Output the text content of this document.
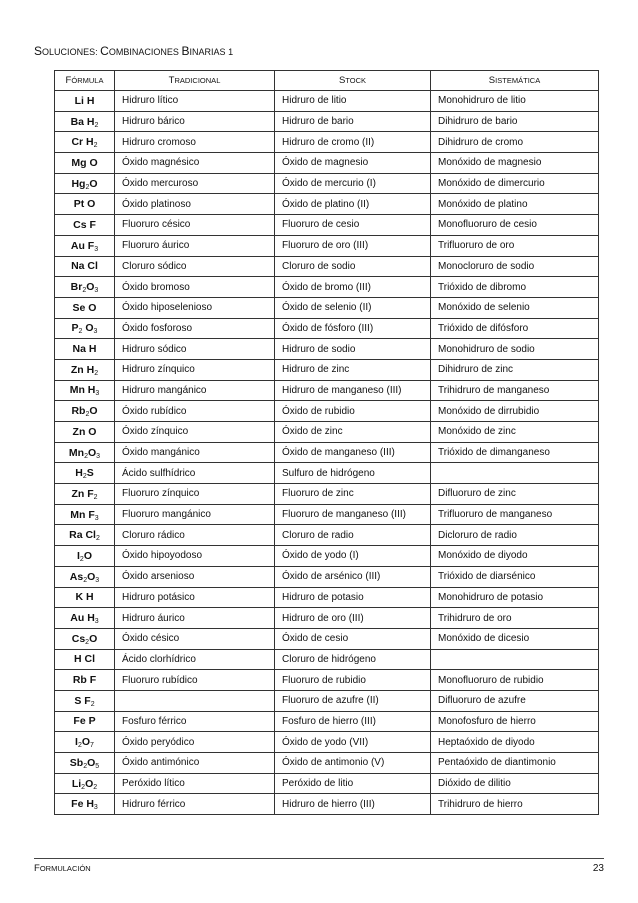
SOLUCIONES: COMBINACIONES BINARIAS 1
FÓRMULA	TRADICIONAL	STOCK	SISTEMÁTICA
Li H	Hidruro lítico	Hidruro de litio	Monohidruro de litio
Ba $H_2$	Hidruro bárico	Hidruro de bario	Dihidruro de bario
Cr $H_2$	Hidruro cromoso	Hidruro de cromo (II)	Dihidruro de cromo
Mg O	Óxido magnésico	Óxido de magnesio	Monóxido de magnesio
$Hg_2O$	Óxido mercuroso	Óxido de mercurio (I)	Monóxido de dimercurio
Pt O	Óxido platinoso	Óxido de platino (II)	Monóxido de platino
Cs F	Fluoruro césico	Fluoruro de cesio	Monofluoruro de cesio
Au $F_3$	Fluoruro áurico	Fluoruro de oro (III)	Trifluoruro de oro
Na Cl	Cloruro sódico	Cloruro de sodio	Monocloruro de sodio
$Br_2O_3$	Óxido bromoso	Óxido de bromo (III)	Trióxido de dibromo
Se O	Óxido hiposelenioso	Óxido de selenio (II)	Monóxido de selenio
$P_2$ $O_3$	Óxido fosforoso	Óxido de fósforo (III)	Trióxido de difósforo
Na H	Hidruro sódico	Hidruro de sodio	Monohidruro de sodio
Zn $H_2$	Hidruro zínquico	Hidruro de zinc	Dihidruro de zinc
Mn $H_3$	Hidruro mangánico	Hidruro de manganeso (III)	Trihidruro de manganeso
$Rb_2O$	Óxido rubídico	Óxido de rubidio	Monóxido de dirrubidio
Zn O	Óxido zínquico	Óxido de zinc	Monóxido de zinc
$Mn_2O_3$	Óxido mangánico	Óxido de manganeso (III)	Trióxido de dimanganeso
$H_2S$	Ácido sulfhídrico	Sulfuro de hidrógeno	
Zn $F_2$	Fluoruro zínquico	Fluoruro de zinc	Difluoruro de zinc
Mn $F_3$	Fluoruro mangánico	Fluoruro de manganeso (III)	Trifluoruro de manganeso
Ra $Cl_2$	Cloruro rádico	Cloruro de radio	Dicloruro de radio
$I_2O$	Óxido hipoyodoso	Óxido de yodo (I)	Monóxido de diyodo
$As_2O_3$	Óxido arsenioso	Óxido de arsénico (III)	Trióxido de diarsénico
K H	Hidruro potásico	Hidruro de potasio	Monohidruro de potasio
Au $H_3$	Hidruro áurico	Hidruro de oro (III)	Trihidruro de oro
$Cs_2O$	Óxido césico	Óxido de cesio	Monóxido de dicesio
H Cl	Ácido clorhídrico	Cloruro de hidrógeno	
Rb F	Fluoruro rubídico	Fluoruro de rubidio	Monofluoruro de rubidio
S $F_2$		Fluoruro de azufre (II)	Difluoruro de azufre
Fe P	Fosfuro férrico	Fosfuro de hierro (III)	Monofosfuro de hierro
$I_2O_7$	Óxido peryódico	Óxido de yodo (VII)	Heptaóxido de diyodo
$Sb_2O_5$	Óxido antimónico	Óxido de antimonio (V)	Pentaóxido de diantimonio
$Li_2O_2$	Peróxido lítico	Peróxido de litio	Dióxido de dilitio
Fe $H_3$	Hidruro férrico	Hidruro de hierro (III)	Trihidruro de hierro
FORMULACIÓN	23
